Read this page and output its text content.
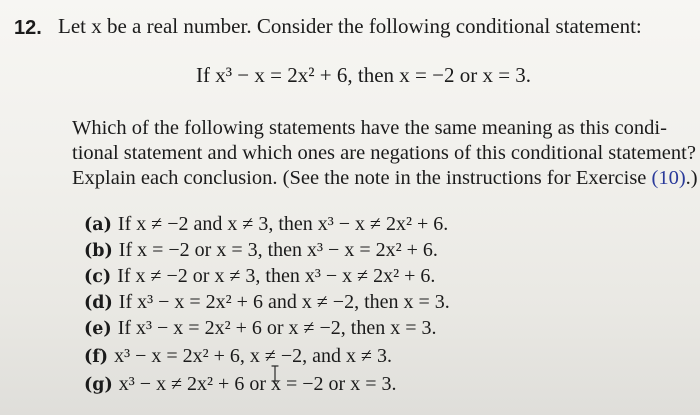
12. Let x be a real number. Consider the following conditional statement:
If x³ − x = 2x² + 6, then x = −2 or x = 3.
Which of the following statements have the same meaning as this condi-
tional statement and which ones are negations of this conditional statement?
Explain each conclusion. (See the note in the instructions for Exercise (10).)
(a) If x ≠ −2 and x ≠ 3, then x³ − x ≠ 2x² + 6.
(b) If x = −2 or x = 3, then x³ − x = 2x² + 6.
(c) If x ≠ −2 or x ≠ 3, then x³ − x ≠ 2x² + 6.
(d) If x³ − x = 2x² + 6 and x ≠ −2, then x = 3.
(e) If x³ − x = 2x² + 6 or x ≠ −2, then x = 3.
(f) x³ − x = 2x² + 6, x ≠ −2, and x ≠ 3.
(g) x³ − x ≠ 2x² + 6 or x = −2 or x = 3.
